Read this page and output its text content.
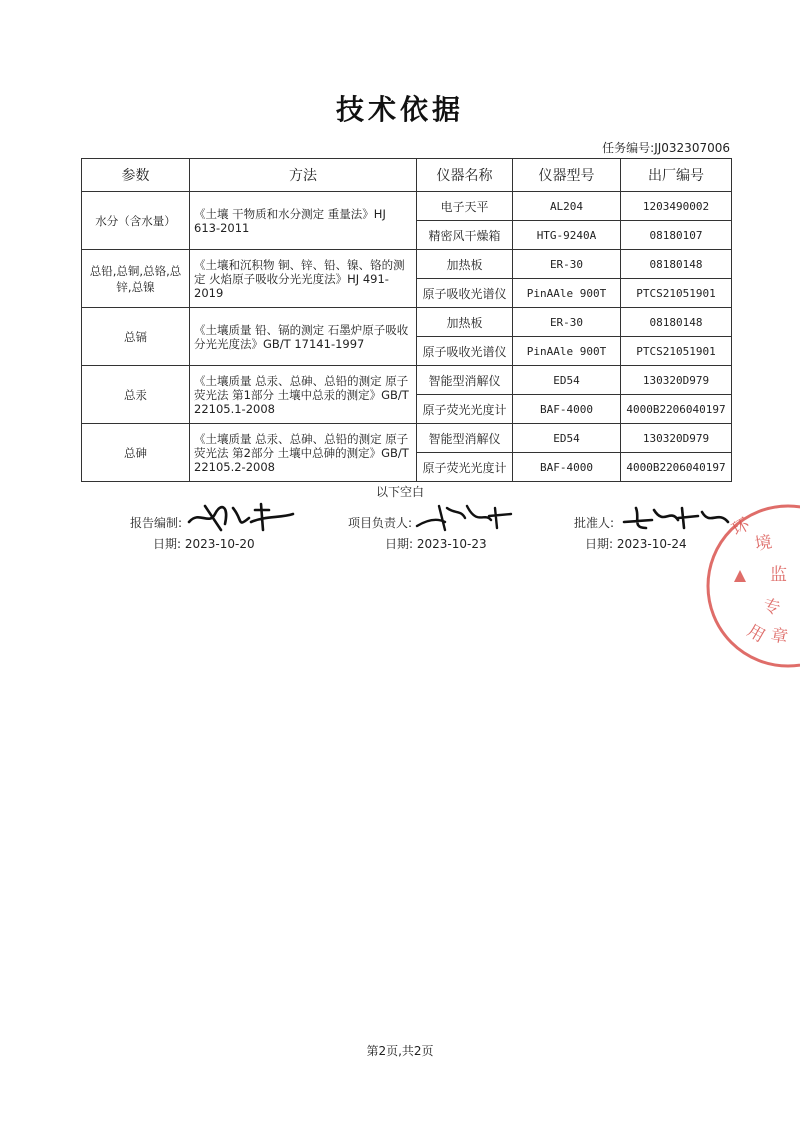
技术依据
任务编号:JJ032307006
参数	方法	仪器名称	仪器型号	出厂编号
水分（含水量）	《土壤 干物质和水分测定 重量法》HJ 613-2011	电子天平	AL204	1203490002
		精密风干燥箱	HTG-9240A	08180107
总铅,总铜,总铬,总锌,总镍	《土壤和沉积物 铜、锌、铅、镍、铬的测定 火焰原子吸收分光光度法》HJ 491-2019	加热板	ER-30	08180148
		原子吸收光谱仪	PinAAle 900T	PTCS21051901
总镉	《土壤质量 铅、镉的测定 石墨炉原子吸收分光光度法》GB/T 17141-1997	加热板	ER-30	08180148
		原子吸收光谱仪	PinAAle 900T	PTCS21051901
总汞	《土壤质量 总汞、总砷、总铅的测定 原子荧光法 第1部分 土壤中总汞的测定》GB/T 22105.1-2008	智能型消解仪	ED54	130320D979
		原子荧光光度计	BAF-4000	4000B2206040197
总砷	《土壤质量 总汞、总砷、总铅的测定 原子荧光法 第2部分 土壤中总砷的测定》GB/T 22105.2-2008	智能型消解仪	ED54	130320D979
		原子荧光光度计	BAF-4000	4000B2206040197
以下空白
报告编制:
日期: 2023-10-20
项目负责人:
日期: 2023-10-23
批准人:
日期: 2023-10-24
环
境
监
专
用 章
第2页,共2页
